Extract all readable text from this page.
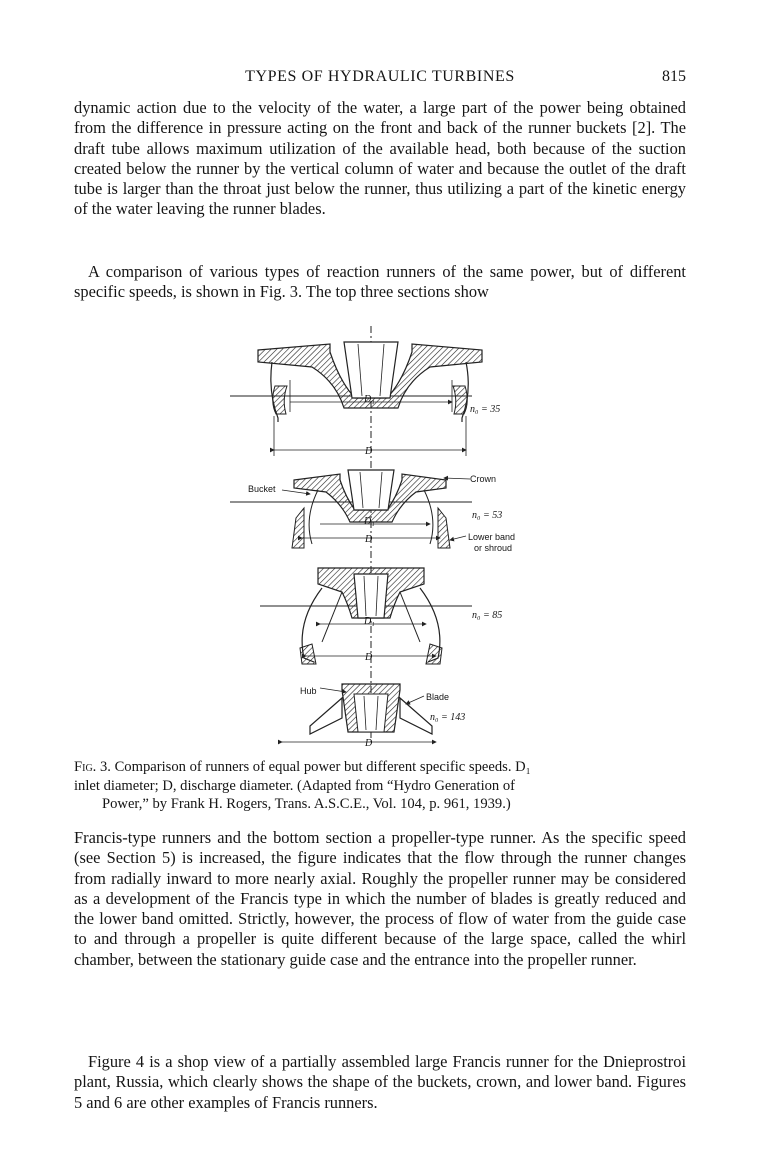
TYPES OF HYDRAULIC TURBINES	815

dynamic action due to the velocity of the water, a large part of the power being obtained from the difference in pressure acting on the front and back of the runner buckets [2]. The draft tube allows maximum utilization of the available head, both because of the suction created below the runner by the vertical column of water and because the outlet of the draft tube is larger than the throat just below the runner, thus utilizing a part of the kinetic energy of the water leaving the runner blades.

A comparison of various types of reaction runners of the same power, but of different specific speeds, is shown in Fig. 3. The top three sections show

D₁
D
n₀ = 35
D₁
D
n₀ = 53
Bucket
Crown
Lower band
or shroud
D₁
D
n₀ = 85
D
n₀ = 143
Hub
Blade

Fig. 3. Comparison of runners of equal power but different specific speeds. D₁
inlet diameter; D, discharge diameter. (Adapted from “Hydro Generation of
Power,” by Frank H. Rogers, Trans. A.S.C.E., Vol. 104, p. 961, 1939.)

Francis-type runners and the bottom section a propeller-type runner. As the specific speed (see Section 5) is increased, the figure indicates that the flow through the runner changes from radially inward to more nearly axial. Roughly the propeller runner may be considered as a development of the Francis type in which the number of blades is greatly reduced and the lower band omitted. Strictly, however, the process of flow of water from the guide case to and through a propeller is quite different because of the large space, called the whirl chamber, between the stationary guide case and the entrance into the propeller runner.

Figure 4 is a shop view of a partially assembled large Francis runner for the Dnieprostroi plant, Russia, which clearly shows the shape of the buckets, crown, and lower band. Figures 5 and 6 are other examples of Francis runners.
